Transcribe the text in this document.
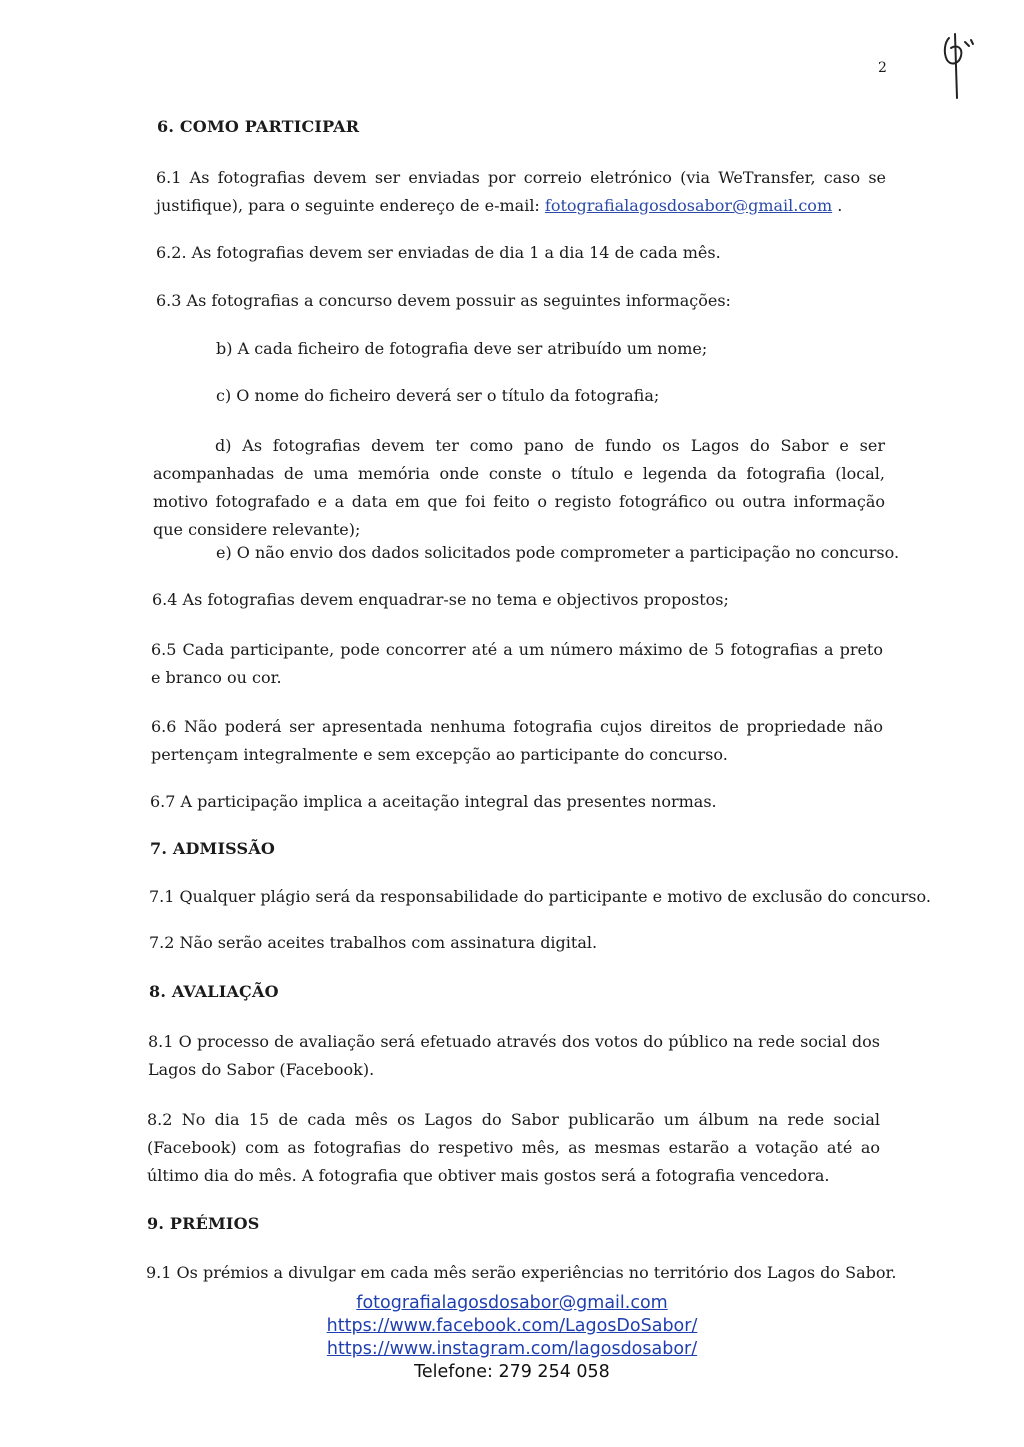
2
6. COMO PARTICIPAR
6.1 As fotografias devem ser enviadas por correio eletrónico (via WeTransfer, caso se justifique), para o seguinte endereço de e-mail: fotografialagosdosabor@gmail.com .
6.2. As fotografias devem ser enviadas de dia 1 a dia 14 de cada mês.
6.3 As fotografias a concurso devem possuir as seguintes informações:
b) A cada ficheiro de fotografia deve ser atribuído um nome;
c) O nome do ficheiro deverá ser o título da fotografia;
d) As fotografias devem ter como pano de fundo os Lagos do Sabor e ser acompanhadas de uma memória onde conste o título e legenda da fotografia (local, motivo fotografado e a data em que foi feito o registo fotográfico ou outra informação que considere relevante);
e) O não envio dos dados solicitados pode comprometer a participação no concurso.
6.4 As fotografias devem enquadrar-se no tema e objectivos propostos;
6.5 Cada participante, pode concorrer até a um número máximo de 5 fotografias a preto e branco ou cor.
6.6 Não poderá ser apresentada nenhuma fotografia cujos direitos de propriedade não pertençam integralmente e sem excepção ao participante do concurso.
6.7 A participação implica a aceitação integral das presentes normas.
7. ADMISSÃO
7.1 Qualquer plágio será da responsabilidade do participante e motivo de exclusão do concurso.
7.2 Não serão aceites trabalhos com assinatura digital.
8. AVALIAÇÃO
8.1 O processo de avaliação será efetuado através dos votos do público na rede social dos Lagos do Sabor (Facebook).
8.2 No dia 15 de cada mês os Lagos do Sabor publicarão um álbum na rede social (Facebook) com as fotografias do respetivo mês, as mesmas estarão a votação até ao último dia do mês. A fotografia que obtiver mais gostos será a fotografia vencedora.
9. PRÉMIOS
9.1 Os prémios a divulgar em cada mês serão experiências no território dos Lagos do Sabor.
fotografialagosdosabor@gmail.com
https://www.facebook.com/LagosDoSabor/
https://www.instagram.com/lagosdosabor/
Telefone: 279 254 058
